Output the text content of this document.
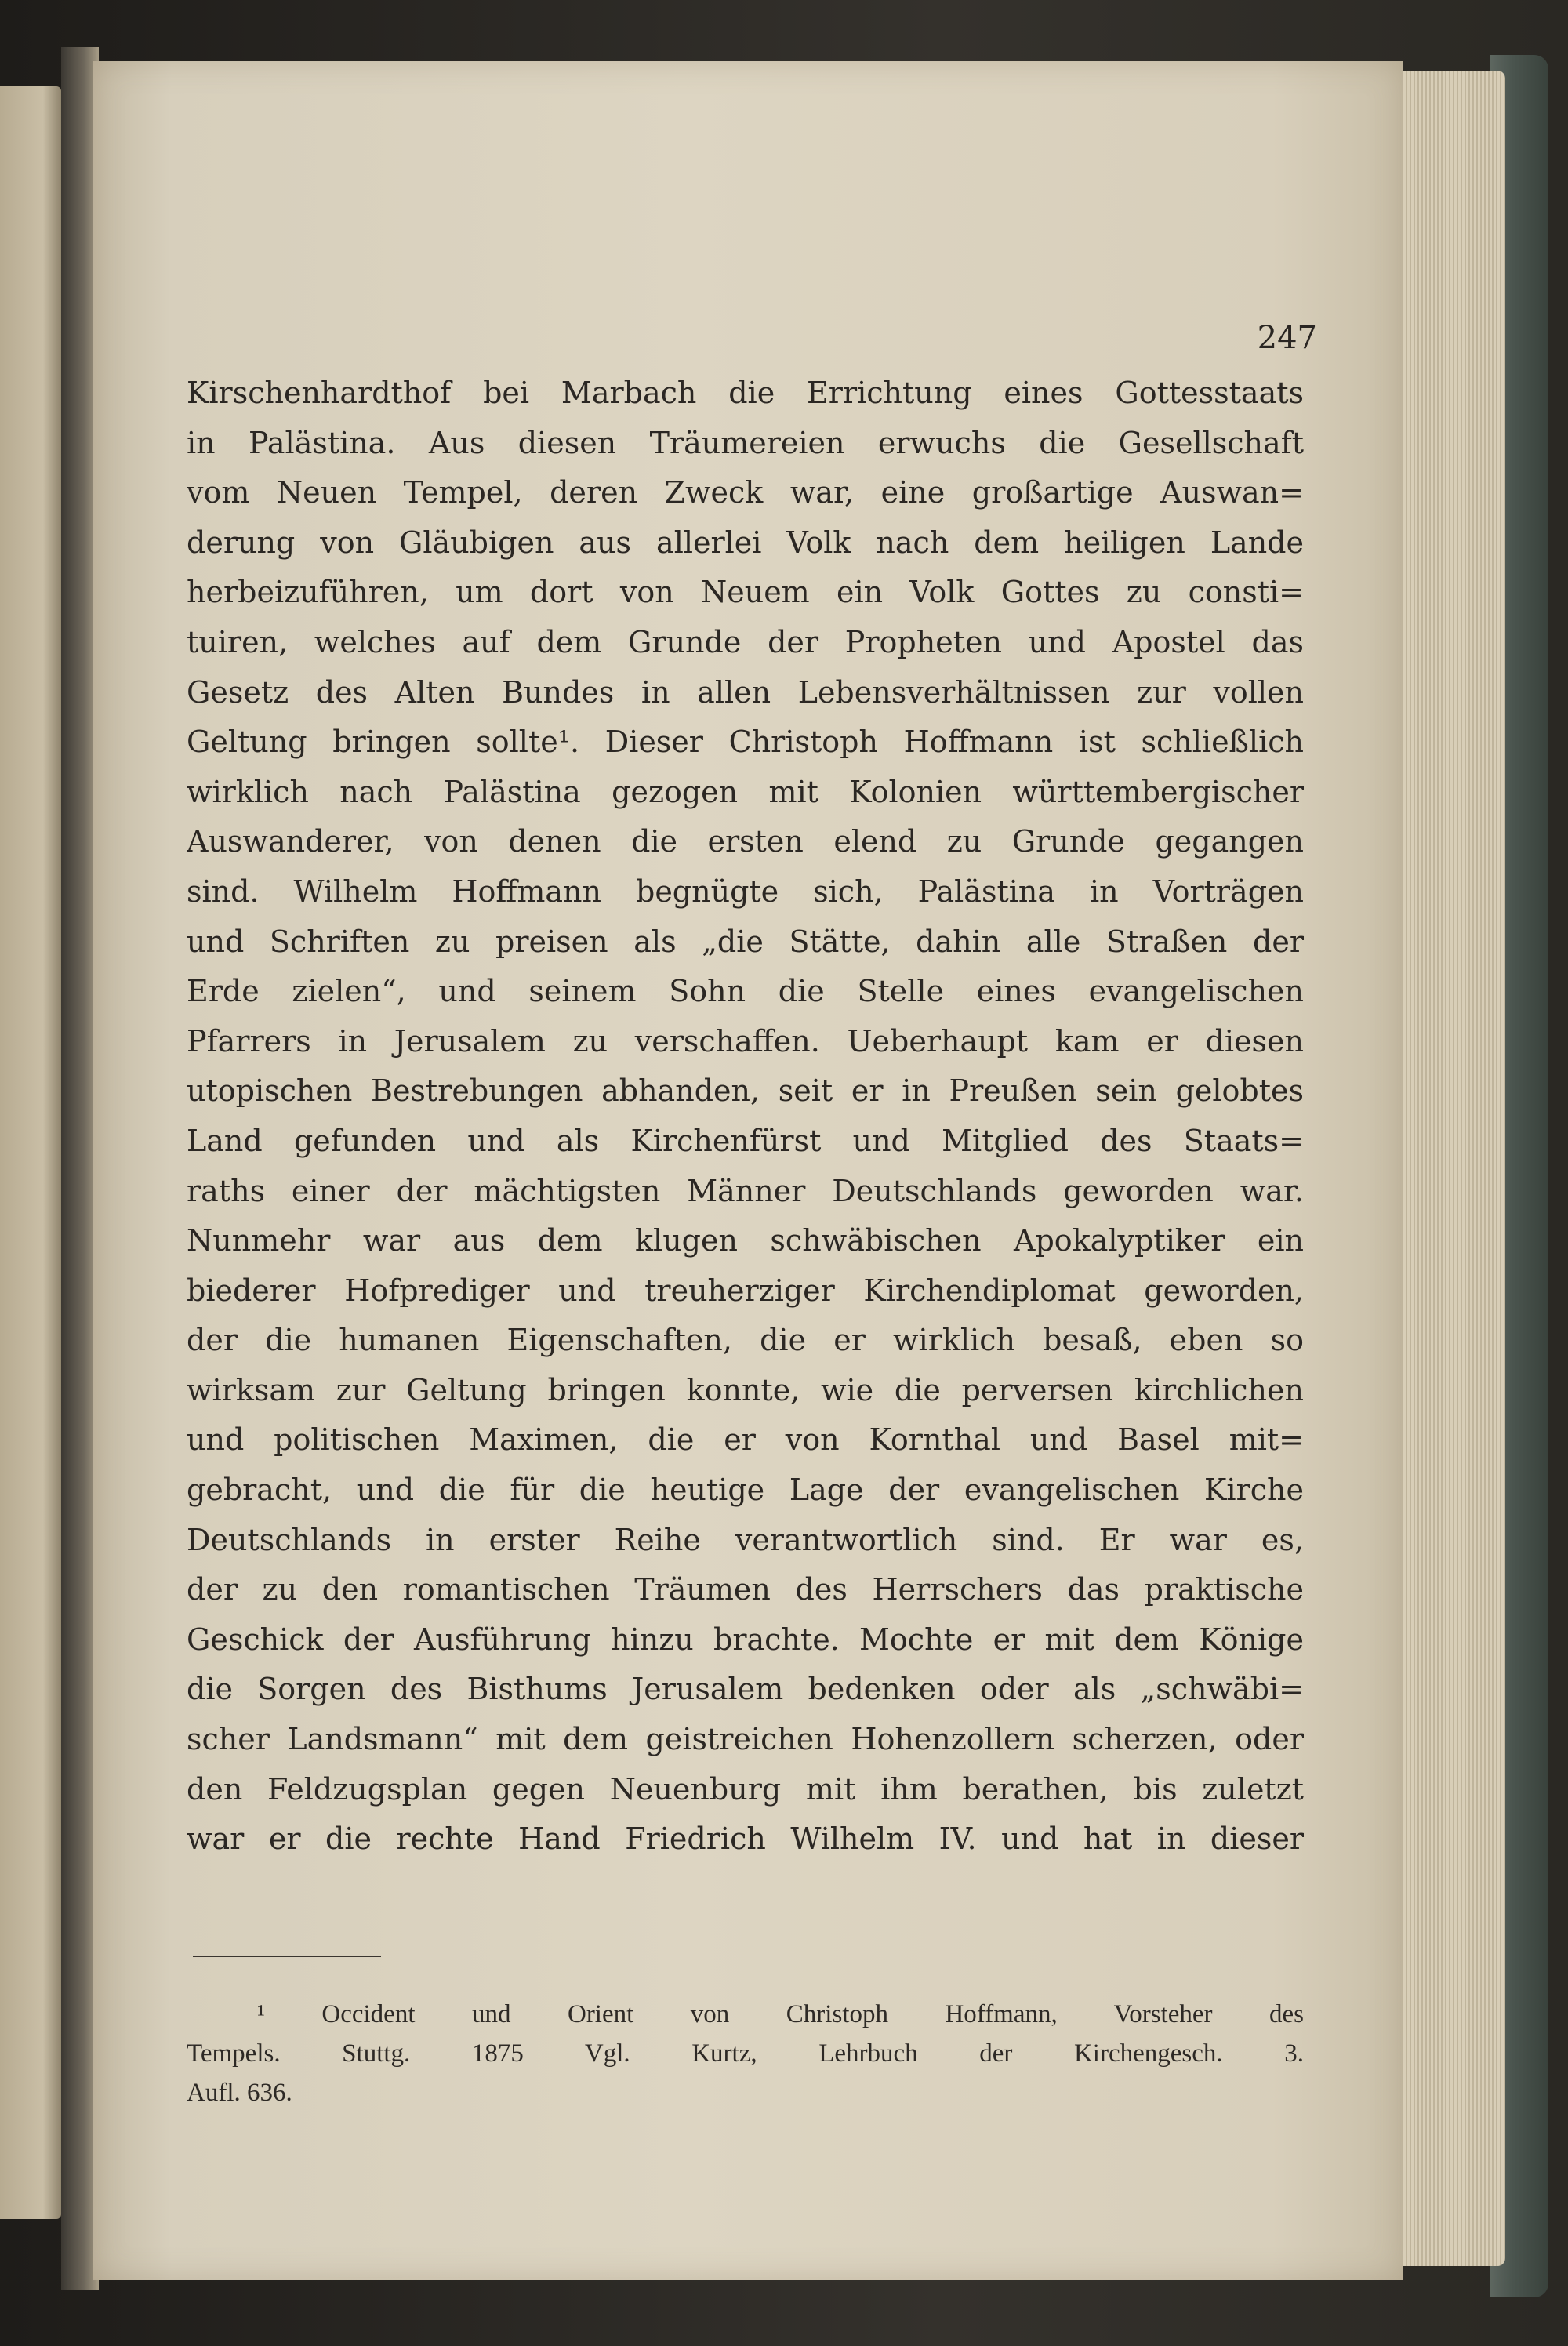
247
Kirschenhardthof bei Marbach die Errichtung eines Gottesstaats
in Palästina. Aus diesen Träumereien erwuchs die Gesellschaft
vom Neuen Tempel, deren Zweck war, eine großartige Auswan=
derung von Gläubigen aus allerlei Volk nach dem heiligen Lande
herbeizuführen, um dort von Neuem ein Volk Gottes zu consti=
tuiren, welches auf dem Grunde der Propheten und Apostel das
Gesetz des Alten Bundes in allen Lebensverhältnissen zur vollen
Geltung bringen sollte¹. Dieser Christoph Hoffmann ist schließlich
wirklich nach Palästina gezogen mit Kolonien württembergischer
Auswanderer, von denen die ersten elend zu Grunde gegangen
sind. Wilhelm Hoffmann begnügte sich, Palästina in Vorträgen
und Schriften zu preisen als „die Stätte, dahin alle Straßen der
Erde zielen“, und seinem Sohn die Stelle eines evangelischen
Pfarrers in Jerusalem zu verschaffen. Ueberhaupt kam er diesen
utopischen Bestrebungen abhanden, seit er in Preußen sein gelobtes
Land gefunden und als Kirchenfürst und Mitglied des Staats=
raths einer der mächtigsten Männer Deutschlands geworden war.
Nunmehr war aus dem klugen schwäbischen Apokalyptiker ein
biederer Hofprediger und treuherziger Kirchendiplomat geworden,
der die humanen Eigenschaften, die er wirklich besaß, eben so
wirksam zur Geltung bringen konnte, wie die perversen kirchlichen
und politischen Maximen, die er von Kornthal und Basel mit=
gebracht, und die für die heutige Lage der evangelischen Kirche
Deutschlands in erster Reihe verantwortlich sind. Er war es,
der zu den romantischen Träumen des Herrschers das praktische
Geschick der Ausführung hinzu brachte. Mochte er mit dem Könige
die Sorgen des Bisthums Jerusalem bedenken oder als „schwäbi=
scher Landsmann“ mit dem geistreichen Hohenzollern scherzen, oder
den Feldzugsplan gegen Neuenburg mit ihm berathen, bis zuletzt
war er die rechte Hand Friedrich Wilhelm IV. und hat in dieser
¹ Occident und Orient von Christoph Hoffmann, Vorsteher des
Tempels. Stuttg. 1875 Vgl. Kurtz, Lehrbuch der Kirchengesch. 3.
Aufl. 636.
